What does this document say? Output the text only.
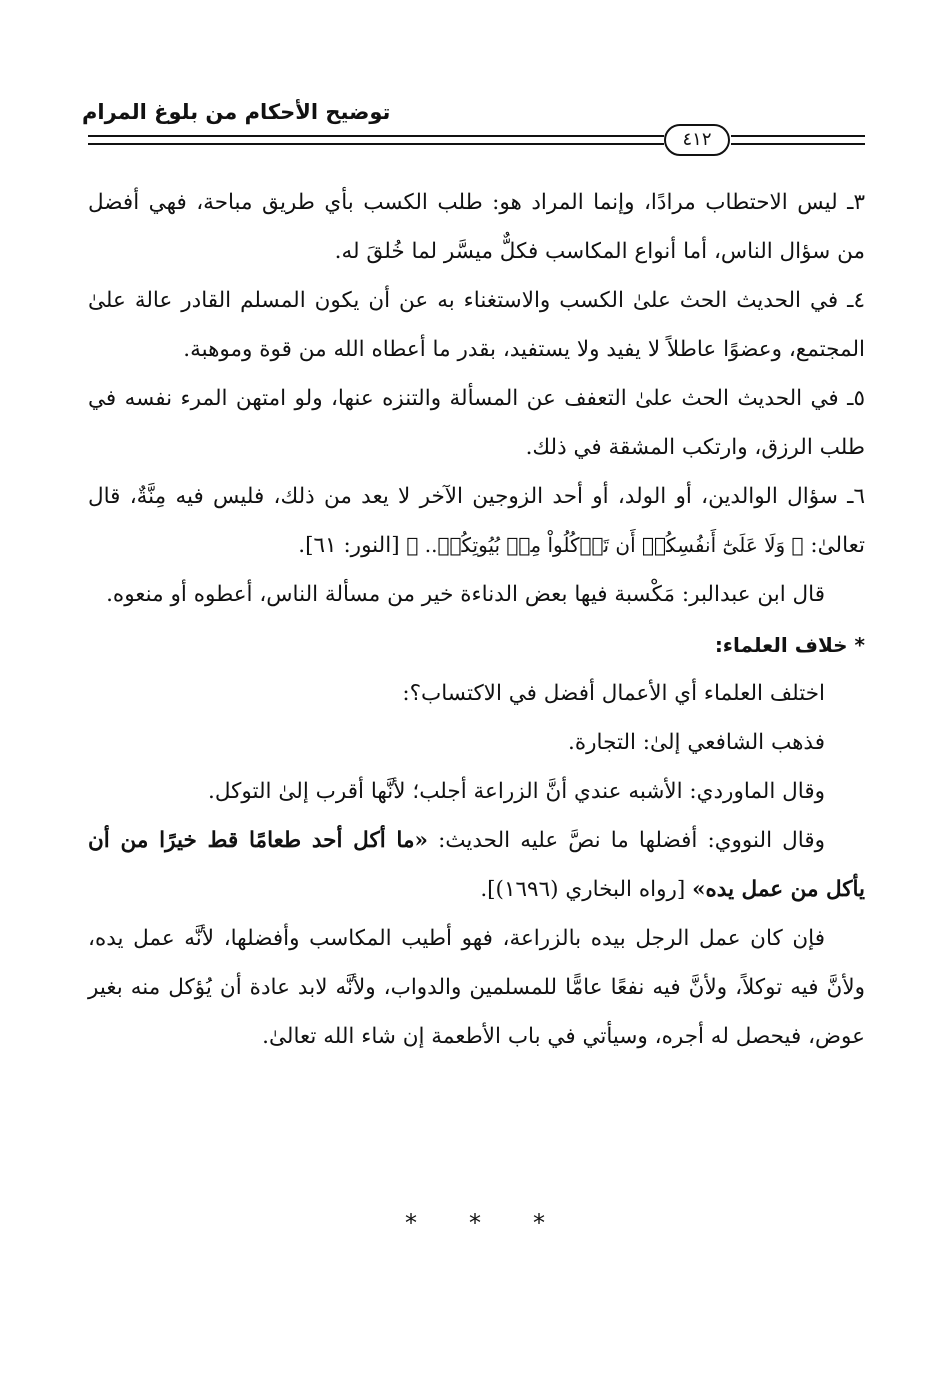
توضيح الأحكام من بلوغ المرام
٤١٢

٣ـ ليس الاحتطاب مرادًا، وإنما المراد هو: طلب الكسب بأي طريق مباحة، فهي أفضل من سؤال الناس، أما أنواع المكاسب فكلٌّ ميسَّر لما خُلقَ له.

٤ـ في الحديث الحث علىٰ الكسب والاستغناء به عن أن يكون المسلم القادر عالة علىٰ المجتمع، وعضوًا عاطلاً لا يفيد ولا يستفيد، بقدر ما أعطاه الله من قوة وموهبة.

٥ـ في الحديث الحث علىٰ التعفف عن المسألة والتنزه عنها، ولو امتهن المرء نفسه في طلب الرزق، وارتكب المشقة في ذلك.

٦ـ سؤال الوالدين، أو الولد، أو أحد الزوجين الآخر لا يعد من ذلك، فليس فيه مِنَّةٌ، قال تعالىٰ: ﴿ وَلَا عَلَىٰٓ أَنفُسِكُمۡ أَن تَأۡكُلُواْ مِنۢ بُيُوتِكُمۡ.. ﴾ [النور: ٦١].

قال ابن عبدالبر: مَكْسبة فيها بعض الدناءة خير من مسألة الناس، أعطوه أو منعوه.

* خلاف العلماء:

اختلف العلماء أي الأعمال أفضل في الاكتساب؟:

فذهب الشافعي إلىٰ: التجارة.

وقال الماوردي: الأشبه عندي أنَّ الزراعة أجلب؛ لأنَّها أقرب إلىٰ التوكل.

وقال النووي: أفضلها ما نصَّ عليه الحديث: «ما أكل أحد طعامًا قط خيرًا من أن يأكل من عمل يده» [رواه البخاري (١٦٩٦)].

فإن كان عمل الرجل بيده بالزراعة، فهو أطيب المكاسب وأفضلها، لأنَّه عمل يده، ولأنَّ فيه توكلاً، ولأنَّ فيه نفعًا عامًّا للمسلمين والدواب، ولأنَّه لابد عادة أن يُؤكل منه بغير عوض، فيحصل له أجره، وسيأتي في باب الأطعمة إن شاء الله تعالىٰ.

* * *
